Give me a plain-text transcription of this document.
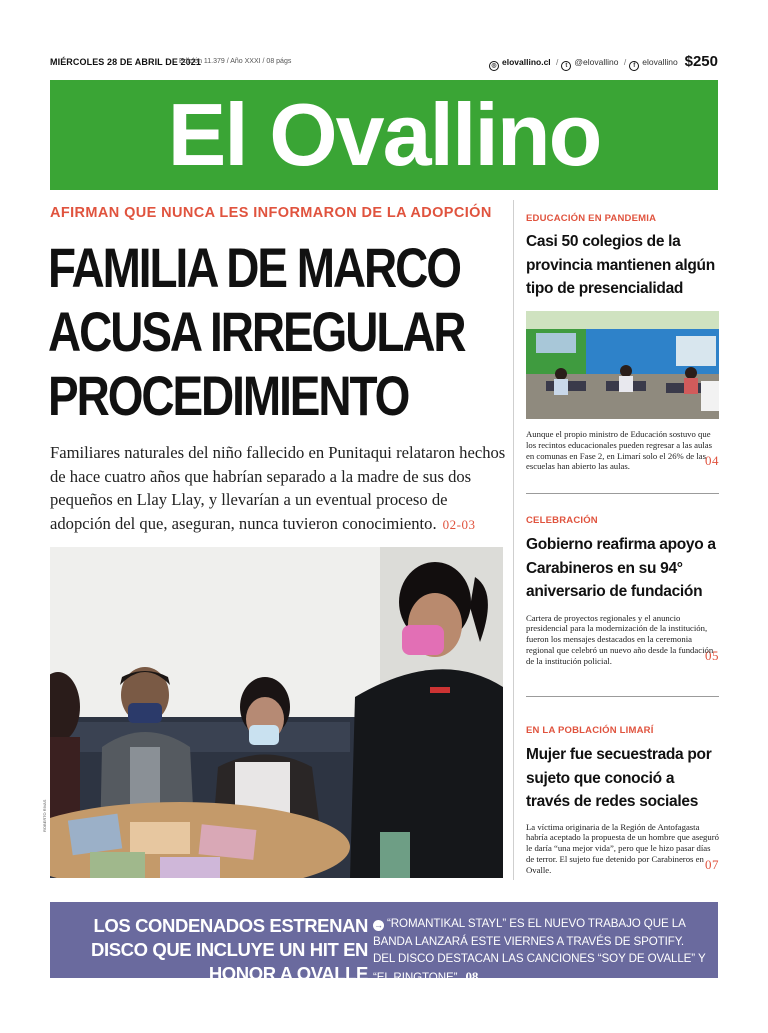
MIÉRCOLES 28 DE ABRIL DE 2021
Edición 11.379 / Año XXXI / 08 págs
◎ elovallino.cl / t @elovallino / f elovallino $250
El Ovallino
AFIRMAN QUE NUNCA LES INFORMARON DE LA ADOPCIÓN
FAMILIA DE MARCO
ACUSA IRREGULAR
PROCEDIMIENTO
Familiares naturales del niño fallecido en Punitaqui relataron hechos de hace cuatro años que habrían separado a la madre de sus dos pequeños en Llay Llay, y llevarían a un eventual proceso de adopción del que, aseguran, nunca tuvieron conocimiento. 02-03
ROBERTO RIVAS
EDUCACIÓN EN PANDEMIA
Casi 50 colegios de la provincia mantienen algún tipo de presencialidad
Aunque el propio ministro de Educación sostuvo que los recintos educacionales pueden regresar a las aulas en comunas en Fase 2, en Limarí solo el 26% de las escuelas han abierto las aulas.	04
CELEBRACIÓN
Gobierno reafirma apoyo a Carabineros en su 94° aniversario de fundación
Cartera de proyectos regionales y el anuncio presidencial para la modernización de la institución, fueron los mensajes destacados en la ceremonia regional que celebró un nuevo año desde la fundación de la institución policial.	05
EN LA POBLACIÓN LIMARÍ
Mujer fue secuestrada por sujeto que conoció a través de redes sociales
La víctima originaria de la Región de Antofagasta habría aceptado la propuesta de un hombre que aseguró le daría “una mejor vida”, pero que le hizo pasar días de terror. El sujeto fue detenido por Carabineros en Ovalle.	07
LOS CONDENADOS ESTRENAN DISCO QUE INCLUYE UN HIT EN HONOR A OVALLE
→ “ROMANTIKAL STAYL” ES EL NUEVO TRABAJO QUE LA BANDA LANZARÁ ESTE VIERNES A TRAVÉS DE SPOTIFY. DEL DISCO DESTACAN LAS CANCIONES “SOY DE OVALLE” Y “EL RINGTONE”. 08
